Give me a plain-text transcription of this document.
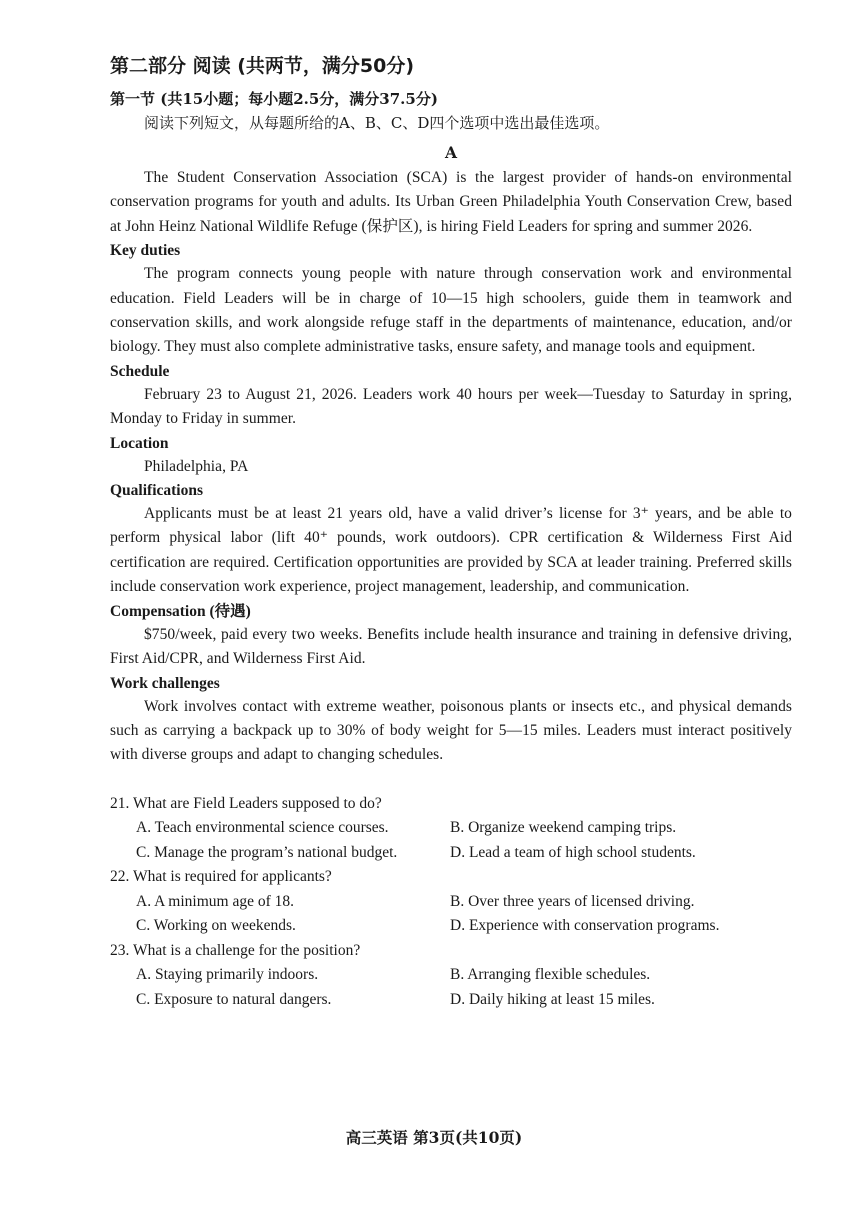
第二部分 阅读 (共两节，满分50分)
第一节 (共15小题；每小题2.5分，满分37.5分)

阅读下列短文，从每题所给的A、B、C、D四个选项中选出最佳选项。

A

The Student Conservation Association (SCA) is the largest provider of hands-on environmental conservation programs for youth and adults. Its Urban Green Philadelphia Youth Conservation Crew, based at John Heinz National Wildlife Refuge (保护区), is hiring Field Leaders for spring and summer 2026.

Key duties

The program connects young people with nature through conservation work and environmental education. Field Leaders will be in charge of 10—15 high schoolers, guide them in teamwork and conservation skills, and work alongside refuge staff in the departments of maintenance, education, and/or biology. They must also complete administrative tasks, ensure safety, and manage tools and equipment.

Schedule

February 23 to August 21, 2026. Leaders work 40 hours per week—Tuesday to Saturday in spring, Monday to Friday in summer.

Location

Philadelphia, PA

Qualifications

Applicants must be at least 21 years old, have a valid driver’s license for 3⁺ years, and be able to perform physical labor (lift 40⁺ pounds, work outdoors). CPR certification & Wilderness First Aid certification are required. Certification opportunities are provided by SCA at leader training. Preferred skills include conservation work experience, project management, leadership, and communication.

Compensation (待遇)

$750/week, paid every two weeks. Benefits include health insurance and training in defensive driving, First Aid/CPR, and Wilderness First Aid.

Work challenges

Work involves contact with extreme weather, poisonous plants or insects etc., and physical demands such as carrying a backpack up to 30% of body weight for 5—15 miles. Leaders must interact positively with diverse groups and adapt to changing schedules.

21. What are Field Leaders supposed to do?

A. Teach environmental science courses.	B. Organize weekend camping trips.
C. Manage the program’s national budget.	D. Lead a team of high school students.

22. What is required for applicants?

A. A minimum age of 18.	B. Over three years of licensed driving.
C. Working on weekends.	D. Experience with conservation programs.

23. What is a challenge for the position?

A. Staying primarily indoors.	B. Arranging flexible schedules.
C. Exposure to natural dangers.	D. Daily hiking at least 15 miles.
高三英语 第3页(共10页)
